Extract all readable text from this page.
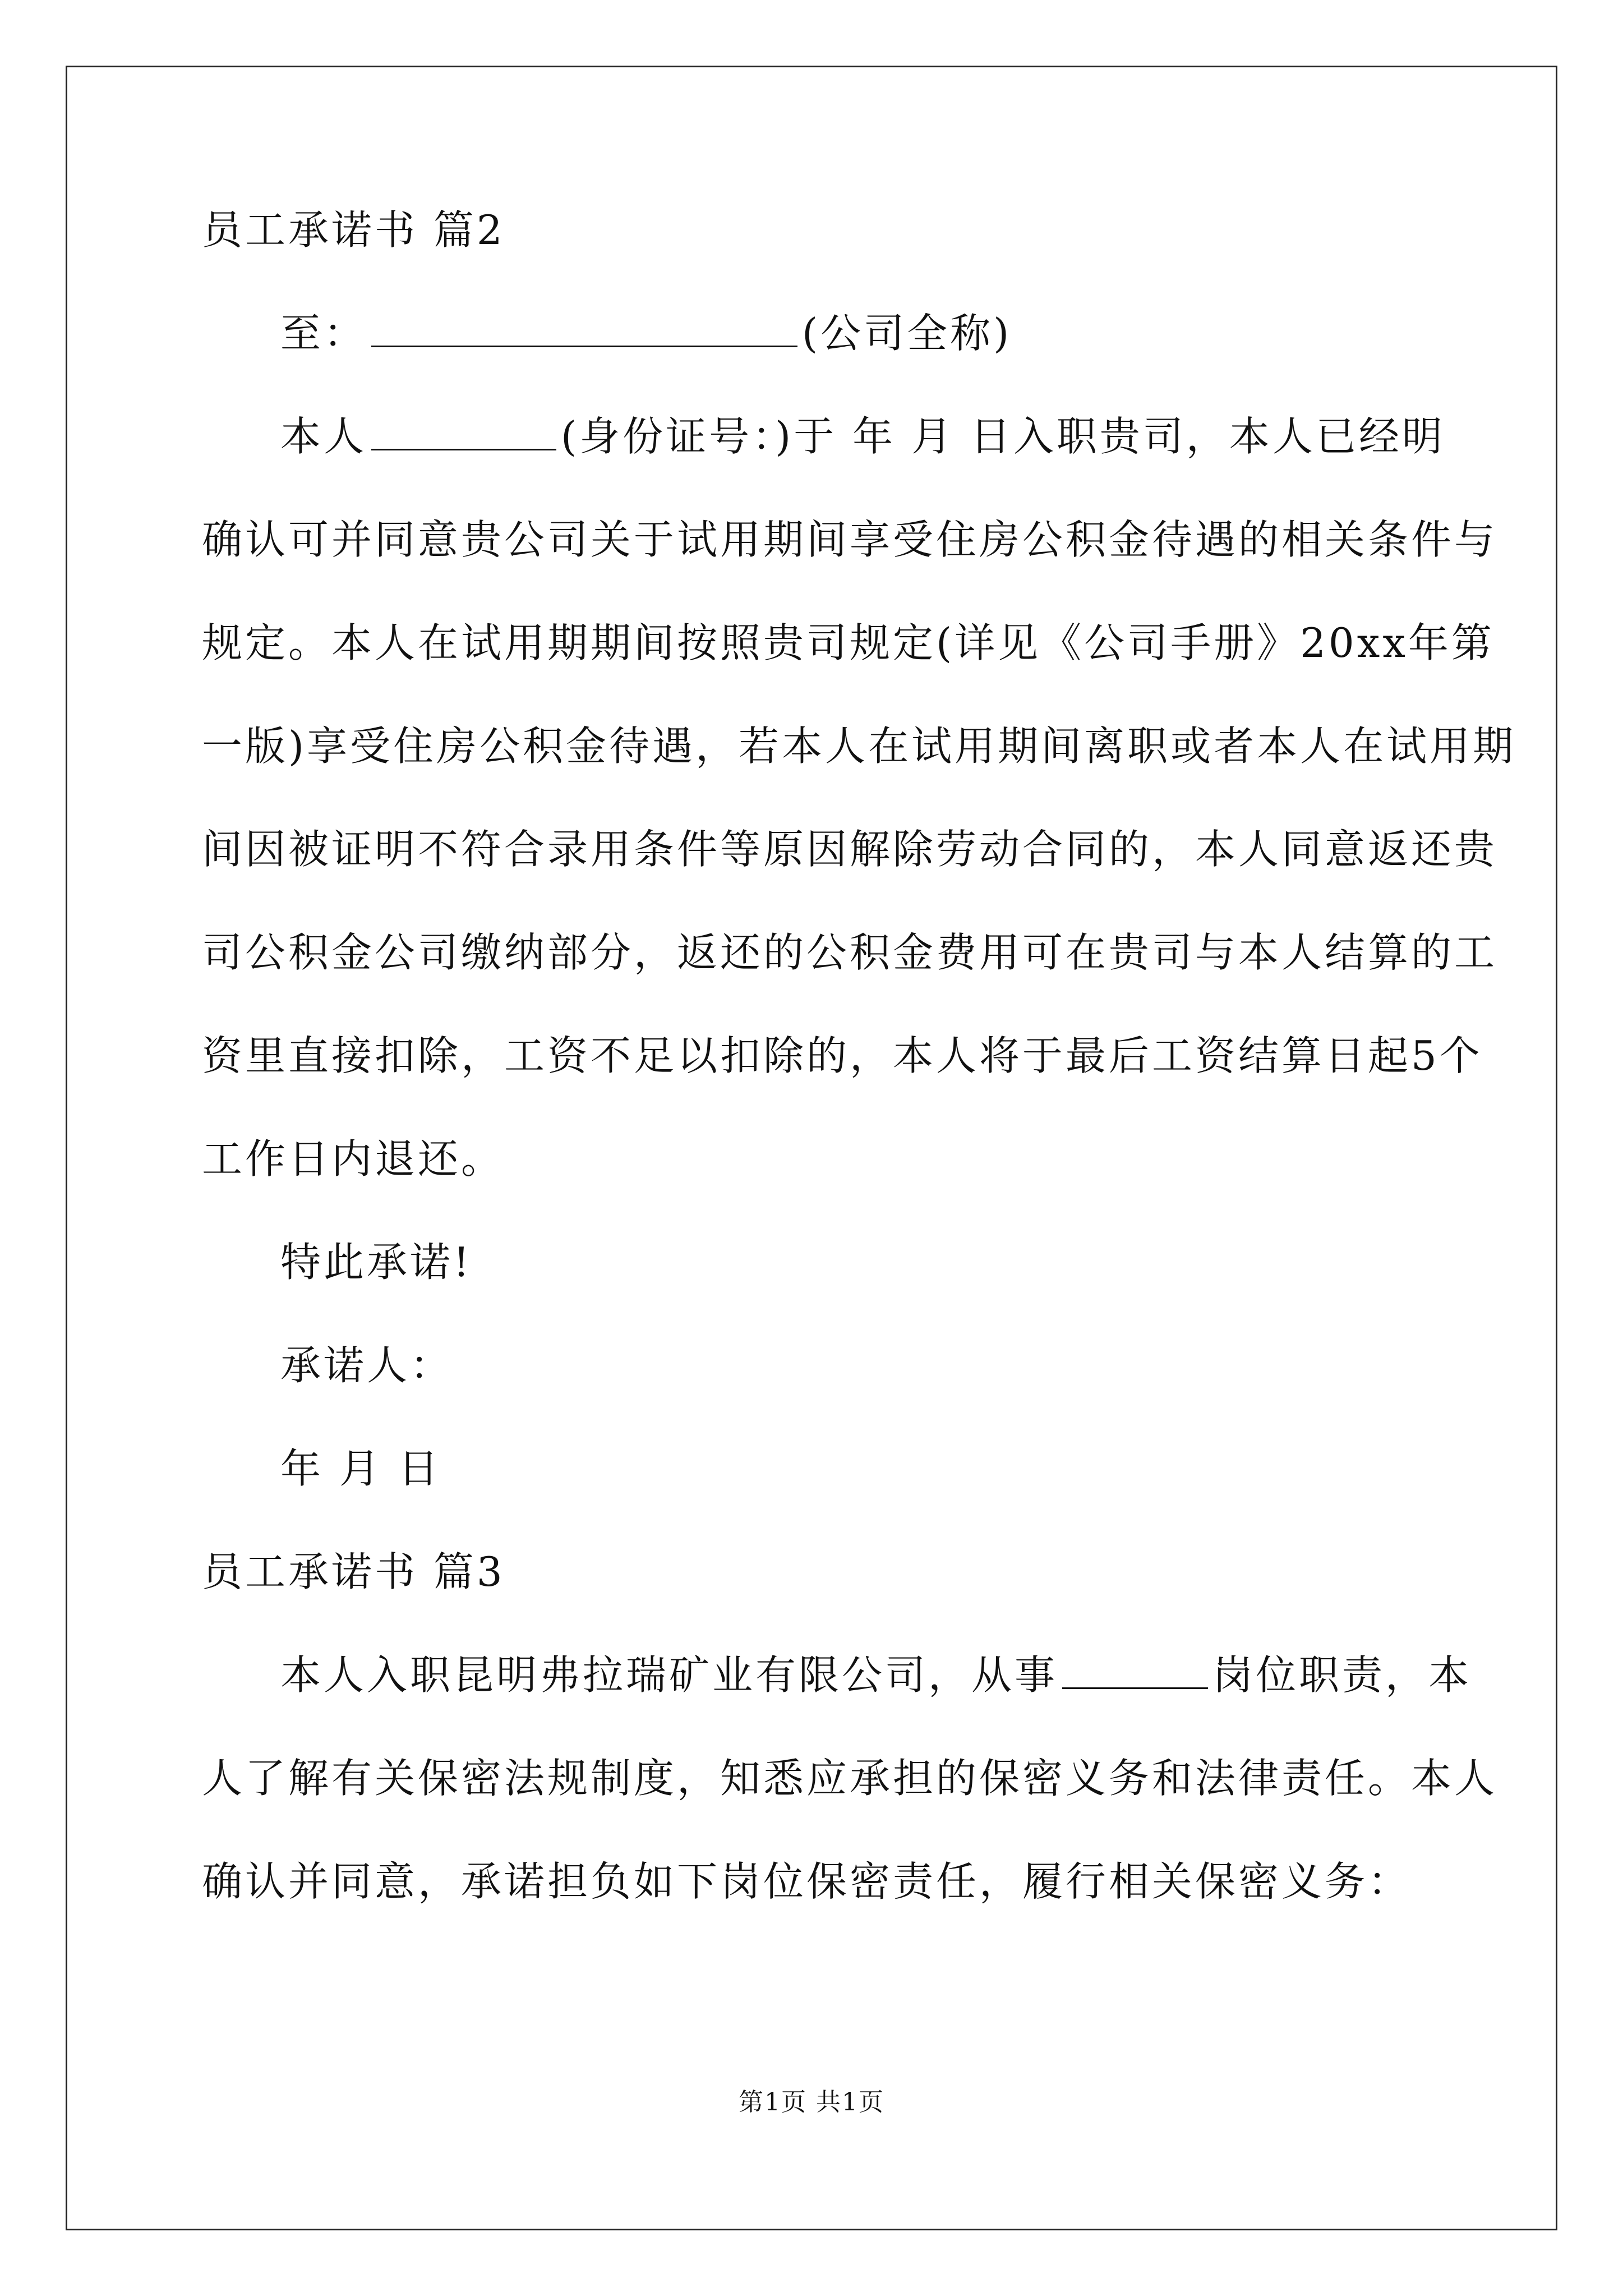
员工承诺书 篇2
至：	(公司全称)
本人	(身份证号：)于 年 月 日入职贵司，本人已经明
确认可并同意贵公司关于试用期间享受住房公积金待遇的相关条件与
规定。本人在试用期期间按照贵司规定(详见《公司手册》20xx年第
一版)享受住房公积金待遇，若本人在试用期间离职或者本人在试用期
间因被证明不符合录用条件等原因解除劳动合同的，本人同意返还贵
司公积金公司缴纳部分，返还的公积金费用可在贵司与本人结算的工
资里直接扣除，工资不足以扣除的，本人将于最后工资结算日起5个
工作日内退还。
特此承诺!
承诺人：
年 月 日
员工承诺书 篇3
本人入职昆明弗拉瑞矿业有限公司，从事	岗位职责，本
人了解有关保密法规制度，知悉应承担的保密义务和法律责任。本人
确认并同意，承诺担负如下岗位保密责任，履行相关保密义务：
第1页 共1页
